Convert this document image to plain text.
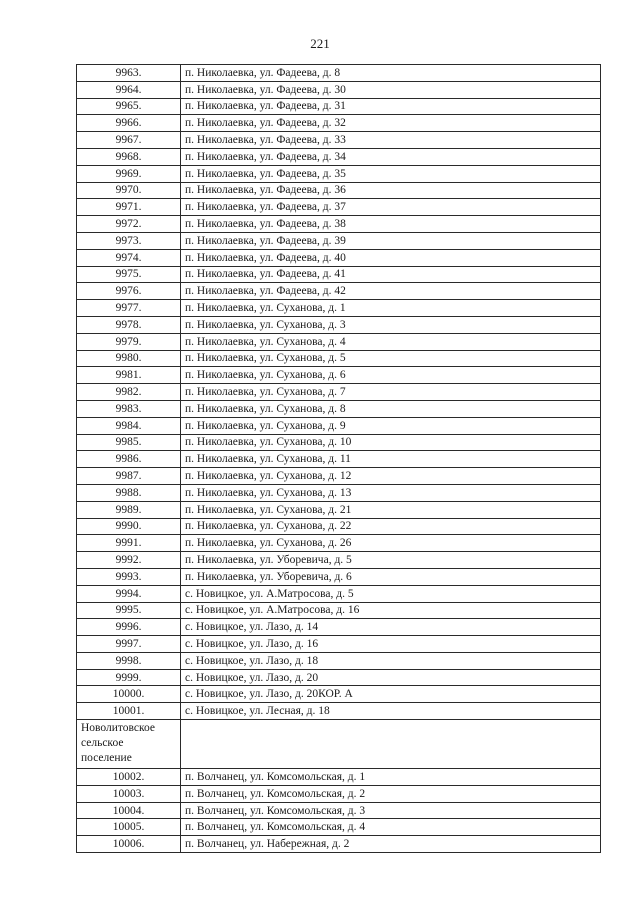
221
9963.	п. Николаевка, ул. Фадеева, д. 8
9964.	п. Николаевка, ул. Фадеева, д. 30
9965.	п. Николаевка, ул. Фадеева, д. 31
9966.	п. Николаевка, ул. Фадеева, д. 32
9967.	п. Николаевка, ул. Фадеева, д. 33
9968.	п. Николаевка, ул. Фадеева, д. 34
9969.	п. Николаевка, ул. Фадеева, д. 35
9970.	п. Николаевка, ул. Фадеева, д. 36
9971.	п. Николаевка, ул. Фадеева, д. 37
9972.	п. Николаевка, ул. Фадеева, д. 38
9973.	п. Николаевка, ул. Фадеева, д. 39
9974.	п. Николаевка, ул. Фадеева, д. 40
9975.	п. Николаевка, ул. Фадеева, д. 41
9976.	п. Николаевка, ул. Фадеева, д. 42
9977.	п. Николаевка, ул. Суханова, д. 1
9978.	п. Николаевка, ул. Суханова, д. 3
9979.	п. Николаевка, ул. Суханова, д. 4
9980.	п. Николаевка, ул. Суханова, д. 5
9981.	п. Николаевка, ул. Суханова, д. 6
9982.	п. Николаевка, ул. Суханова, д. 7
9983.	п. Николаевка, ул. Суханова, д. 8
9984.	п. Николаевка, ул. Суханова, д. 9
9985.	п. Николаевка, ул. Суханова, д. 10
9986.	п. Николаевка, ул. Суханова, д. 11
9987.	п. Николаевка, ул. Суханова, д. 12
9988.	п. Николаевка, ул. Суханова, д. 13
9989.	п. Николаевка, ул. Суханова, д. 21
9990.	п. Николаевка, ул. Суханова, д. 22
9991.	п. Николаевка, ул. Суханова, д. 26
9992.	п. Николаевка, ул. Уборевича, д. 5
9993.	п. Николаевка, ул. Уборевича, д. 6
9994.	с. Новицкое, ул. А.Матросова, д. 5
9995.	с. Новицкое, ул. А.Матросова, д. 16
9996.	с. Новицкое, ул. Лазо, д. 14
9997.	с. Новицкое, ул. Лазо, д. 16
9998.	с. Новицкое, ул. Лазо, д. 18
9999.	с. Новицкое, ул. Лазо, д. 20
10000.	с. Новицкое, ул. Лазо, д. 20КОР. А
10001.	с. Новицкое, ул. Лесная, д. 18

Новолитовское
сельское
поселение	

10002.	п. Волчанец, ул. Комсомольская, д. 1
10003.	п. Волчанец, ул. Комсомольская, д. 2
10004.	п. Волчанец, ул. Комсомольская, д. 3
10005.	п. Волчанец, ул. Комсомольская, д. 4
10006.	п. Волчанец, ул. Набережная, д. 2
